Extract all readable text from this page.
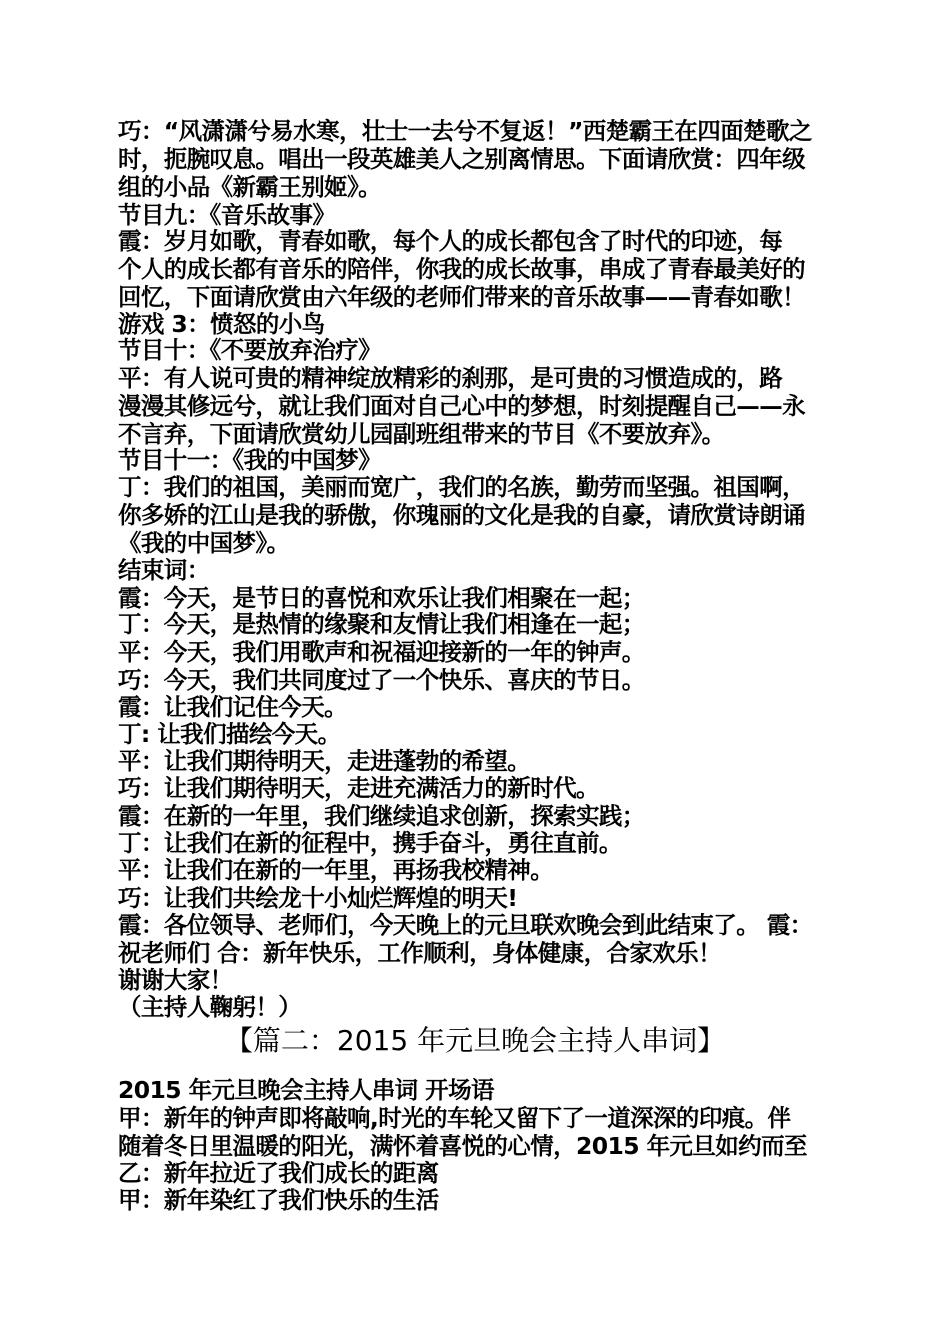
巧：“风潇潇兮易水寒，壮士一去兮不复返！”西楚霸王在四面楚歌之
时，扼腕叹息。唱出一段英雄美人之别离情思。下面请欣赏：四年级
组的小品《新霸王别姬》。
节目九：《音乐故事》
霞：岁月如歌，青春如歌，每个人的成长都包含了时代的印迹，每
个人的成长都有音乐的陪伴，你我的成长故事，串成了青春最美好的
回忆，下面请欣赏由六年级的老师们带来的音乐故事——青春如歌！
游戏 3：愤怒的小鸟
节目十：《不要放弃治疗》
平：有人说可贵的精神绽放精彩的刹那，是可贵的习惯造成的，路
漫漫其修远兮，就让我们面对自己心中的梦想，时刻提醒自己——永
不言弃，下面请欣赏幼儿园副班组带来的节目《不要放弃》。
节目十一：《我的中国梦》
丁：我们的祖国，美丽而宽广，我们的名族，勤劳而坚强。祖国啊，
你多娇的江山是我的骄傲，你瑰丽的文化是我的自豪，请欣赏诗朗诵
《我的中国梦》。
结束词：
霞：今天，是节日的喜悦和欢乐让我们相聚在一起；
丁：今天，是热情的缘聚和友情让我们相逢在一起；
平：今天，我们用歌声和祝福迎接新的一年的钟声。
巧：今天，我们共同度过了一个快乐、喜庆的节日。
霞：让我们记住今天。
丁: 让我们描绘今天。
平：让我们期待明天，走进蓬勃的希望。
巧：让我们期待明天，走进充满活力的新时代。
霞：在新的一年里，我们继续追求创新，探索实践；
丁：让我们在新的征程中，携手奋斗，勇往直前。
平：让我们在新的一年里，再扬我校精神。
巧：让我们共绘龙十小灿烂辉煌的明天!
霞：各位领导、老师们，今天晚上的元旦联欢晚会到此结束了。 霞：
祝老师们 合：新年快乐，工作顺利，身体健康，合家欢乐！
谢谢大家！
（主持人鞠躬！）
【篇二：2015 年元旦晚会主持人串词】
2015 年元旦晚会主持人串词 开场语
甲：新年的钟声即将敲响,时光的车轮又留下了一道深深的印痕。伴
随着冬日里温暖的阳光，满怀着喜悦的心情，2015 年元旦如约而至
乙：新年拉近了我们成长的距离
甲：新年染红了我们快乐的生活
